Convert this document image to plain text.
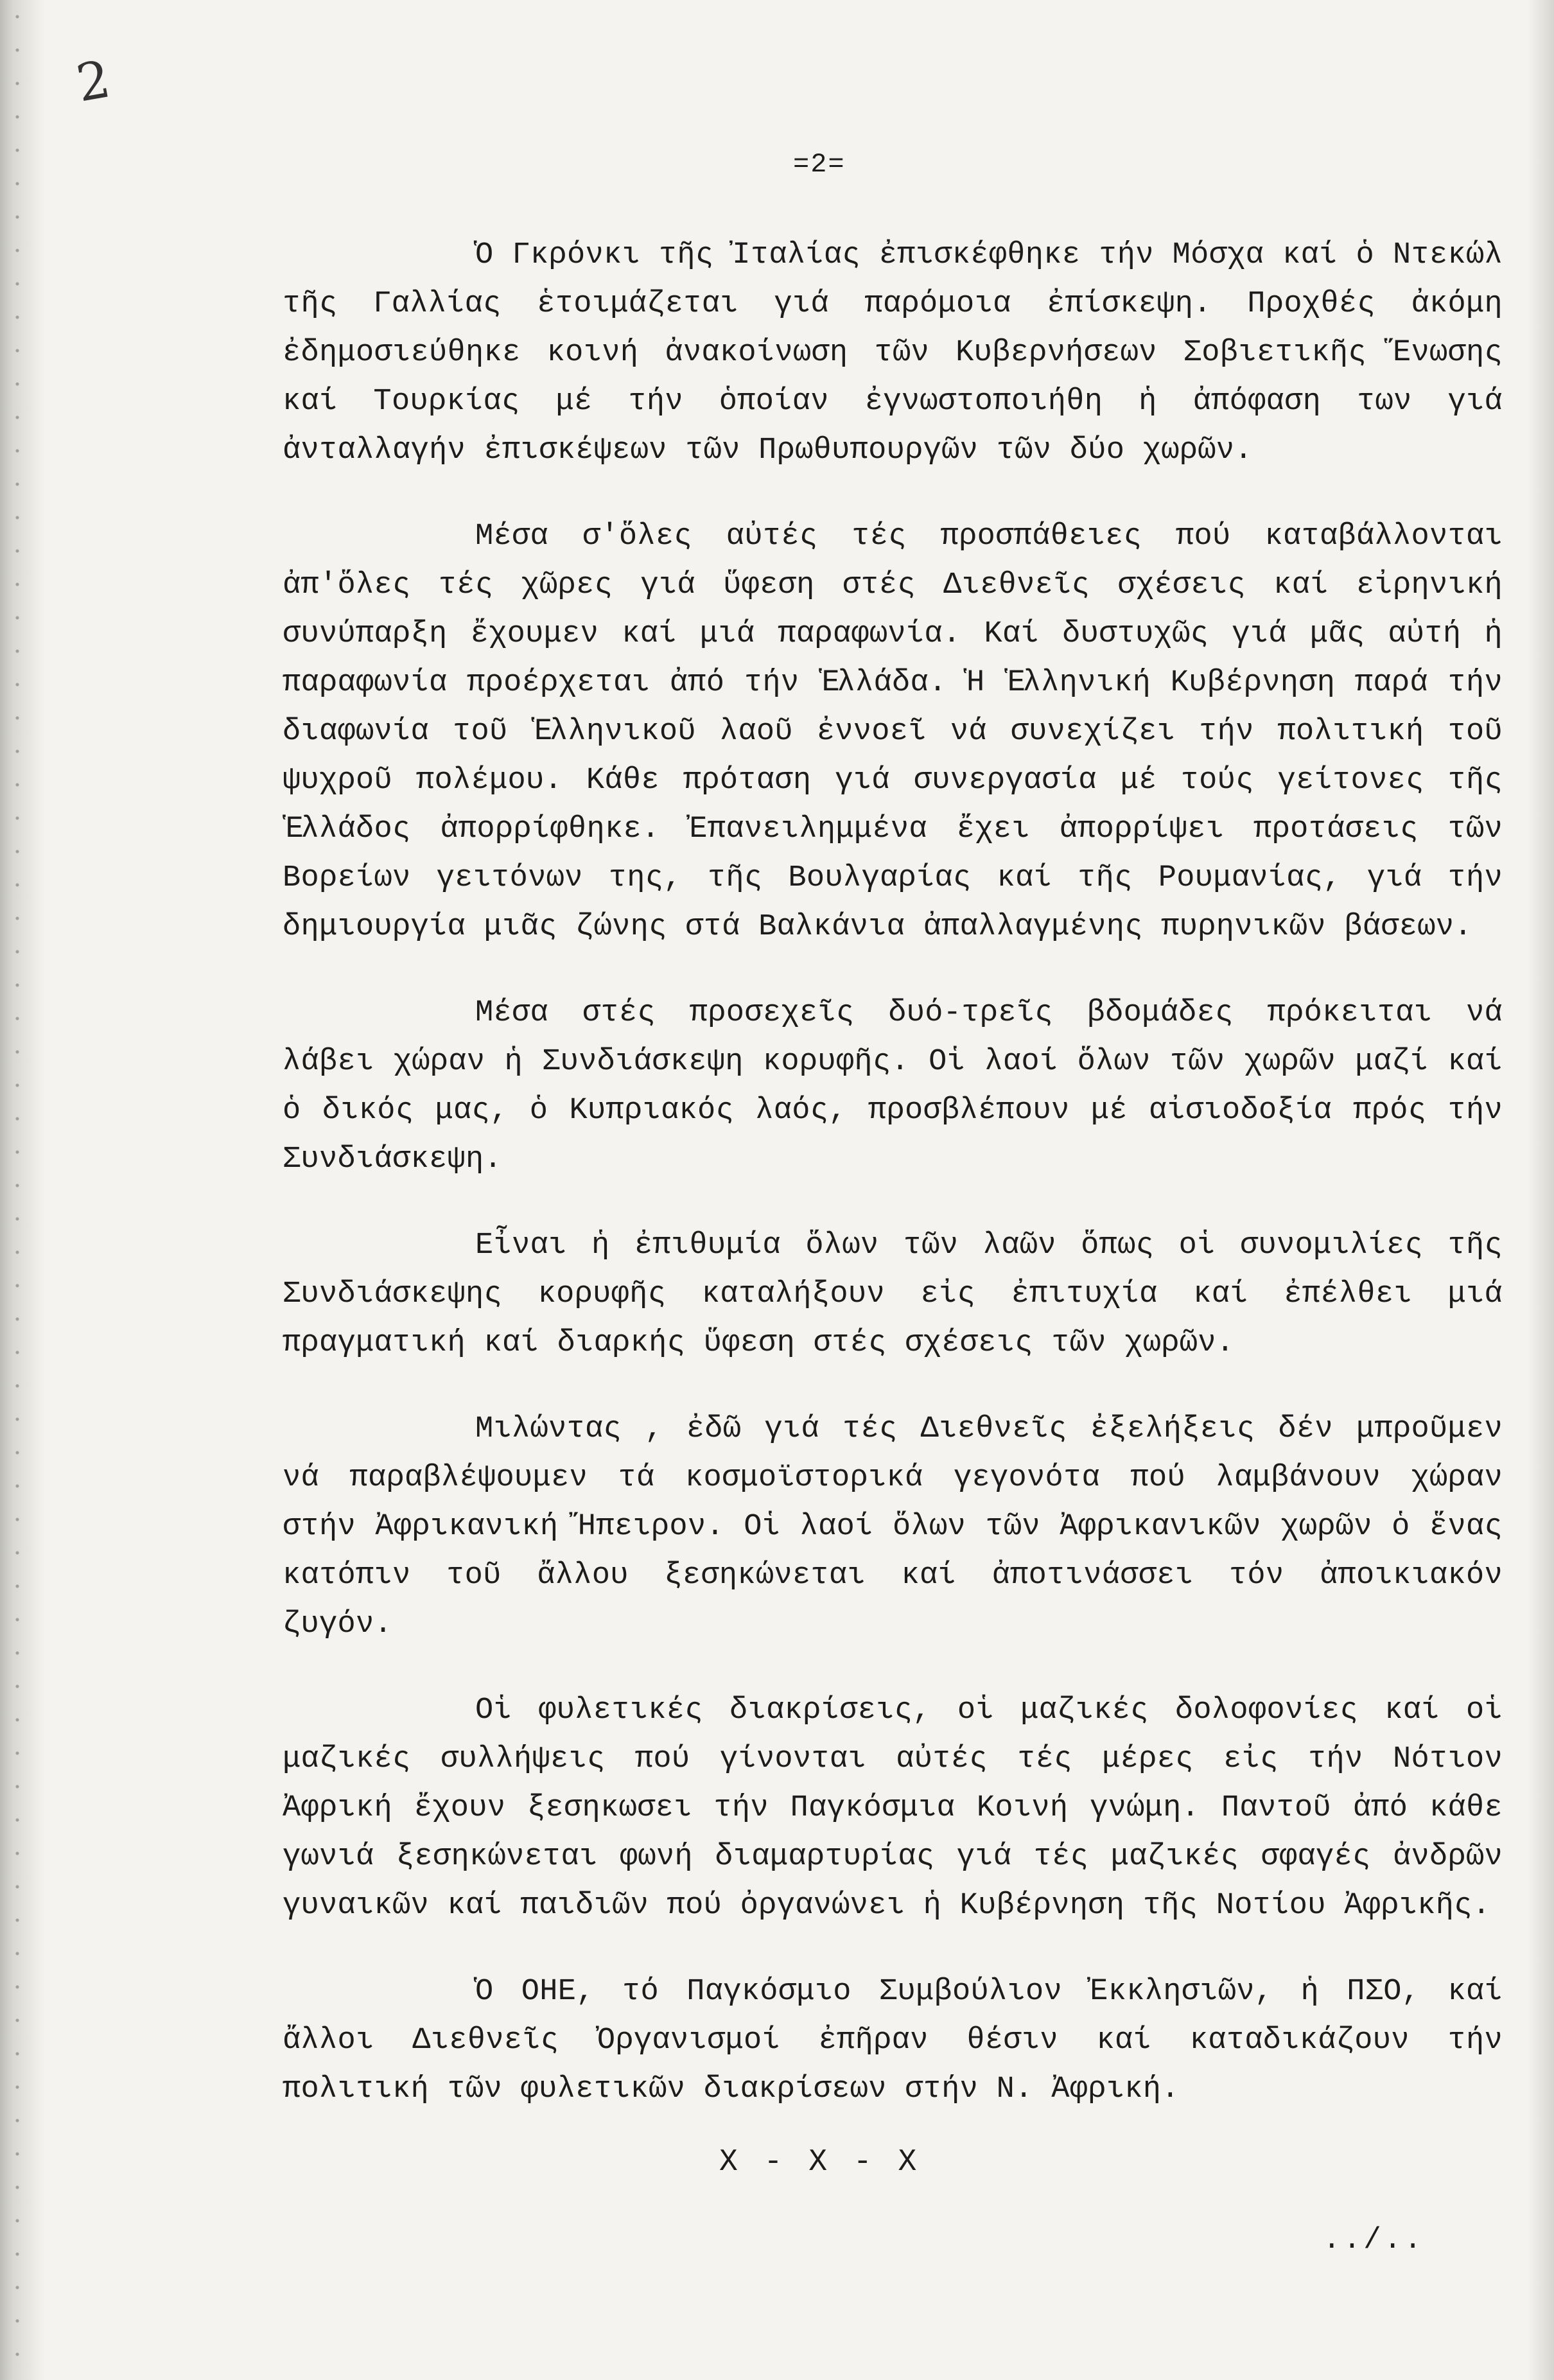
2
=2=

Ὁ Γκρόνκι τῆς Ἰταλίας ἐπισκέφθηκε τήν Μόσχα καί ὁ Ντεκώλ τῆς Γαλλίας ἑτοιμάζεται γιά παρόμοια ἐπίσκεψη. Προχθές ἀκόμη ἐδημοσιεύθηκε κοινή ἀνακοίνωση τῶν Κυβερνήσεων Σοβιετικῆς Ἕνωσης καί Τουρκίας μέ τήν ὁποίαν ἐγνωστοποιήθη ἡ ἀπόφαση των γιά ἀνταλλαγήν ἐπισκέψεων τῶν Πρωθυπουργῶν τῶν δύο χωρῶν.

Μέσα σ'ὅλες αὐτές τές προσπάθειες πού καταβάλλονται ἀπ'ὅλες τές χῶρες γιά ὕφεση στές Διεθνεῖς σχέσεις καί εἰρηνική συνύπαρξη ἔχουμεν καί μιά παραφωνία. Καί δυστυχῶς γιά μᾶς αὐτή ἡ παραφωνία προέρχεται ἀπό τήν Ἑλλάδα. Ἡ Ἑλληνική Κυβέρνηση παρά τήν διαφωνία τοῦ Ἑλληνικοῦ λαοῦ ἐννοεῖ νά συνεχίζει τήν πολιτική τοῦ ψυχροῦ πολέμου. Κάθε πρόταση γιά συνεργασία μέ τούς γείτονες τῆς Ἑλλάδος ἀπορρίφθηκε. Ἐπανειλημμένα ἔχει ἀπορρίψει προτάσεις τῶν Βορείων γειτόνων της, τῆς Βουλγαρίας καί τῆς Ρουμανίας, γιά τήν δημιουργία μιᾶς ζώνης στά Βαλκάνια ἀπαλλαγμένης πυρηνικῶν βάσεων.

Μέσα στές προσεχεῖς δυό-τρεῖς βδομάδες πρόκειται νά λάβει χώραν ἡ Συνδιάσκεψη κορυφῆς. Οἱ λαοί ὅλων τῶν χωρῶν μαζί καί ὁ δικός μας, ὁ Κυπριακός λαός, προσβλέπουν μέ αἰσιοδοξία πρός τήν Συνδιάσκεψη.

Εἶναι ἡ ἐπιθυμία ὅλων τῶν λαῶν ὅπως οἱ συνομιλίες τῆς Συνδιάσκεψης κορυφῆς καταλήξουν εἰς ἐπιτυχία καί ἐπέλθει μιά πραγματική καί διαρκής ὕφεση στές σχέσεις τῶν χωρῶν.

Μιλώντας , ἐδῶ γιά τές Διεθνεῖς ἐξελήξεις δέν μπροῦμεν νά παραβλέψουμεν τά κοσμοϊστορικά γεγονότα πού λαμβάνουν χώραν στήν Ἀφρικανική Ἤπειρον. Οἱ λαοί ὅλων τῶν Ἀφρικανικῶν χωρῶν ὁ ἕνας κατόπιν τοῦ ἄλλου ξεσηκώνεται καί ἀποτινάσσει τόν ἀποικιακόν ζυγόν.

Οἱ φυλετικές διακρίσεις, οἱ μαζικές δολοφονίες καί οἱ μαζικές συλλήψεις πού γίνονται αὐτές τές μέρες εἰς τήν Νότιον Ἀφρική ἔχουν ξεσηκωσει τήν Παγκόσμια Κοινή γνώμη. Παντοῦ ἀπό κάθε γωνιά ξεσηκώνεται φωνή διαμαρτυρίας γιά τές μαζικές σφαγές ἀνδρῶν γυναικῶν καί παιδιῶν πού ὀργανώνει ἡ Κυβέρνηση τῆς Νοτίου Ἀφρικῆς.

Ὁ ΟΗΕ, τό Παγκόσμιο Συμβούλιον Ἐκκλησιῶν, ἡ ΠΣΟ, καί ἄλλοι Διεθνεῖς Ὀργανισμοί ἐπῆραν θέσιν καί καταδικάζουν τήν πολιτική τῶν φυλετικῶν διακρίσεων στήν Ν. Ἀφρική.

X - X - X
../..
